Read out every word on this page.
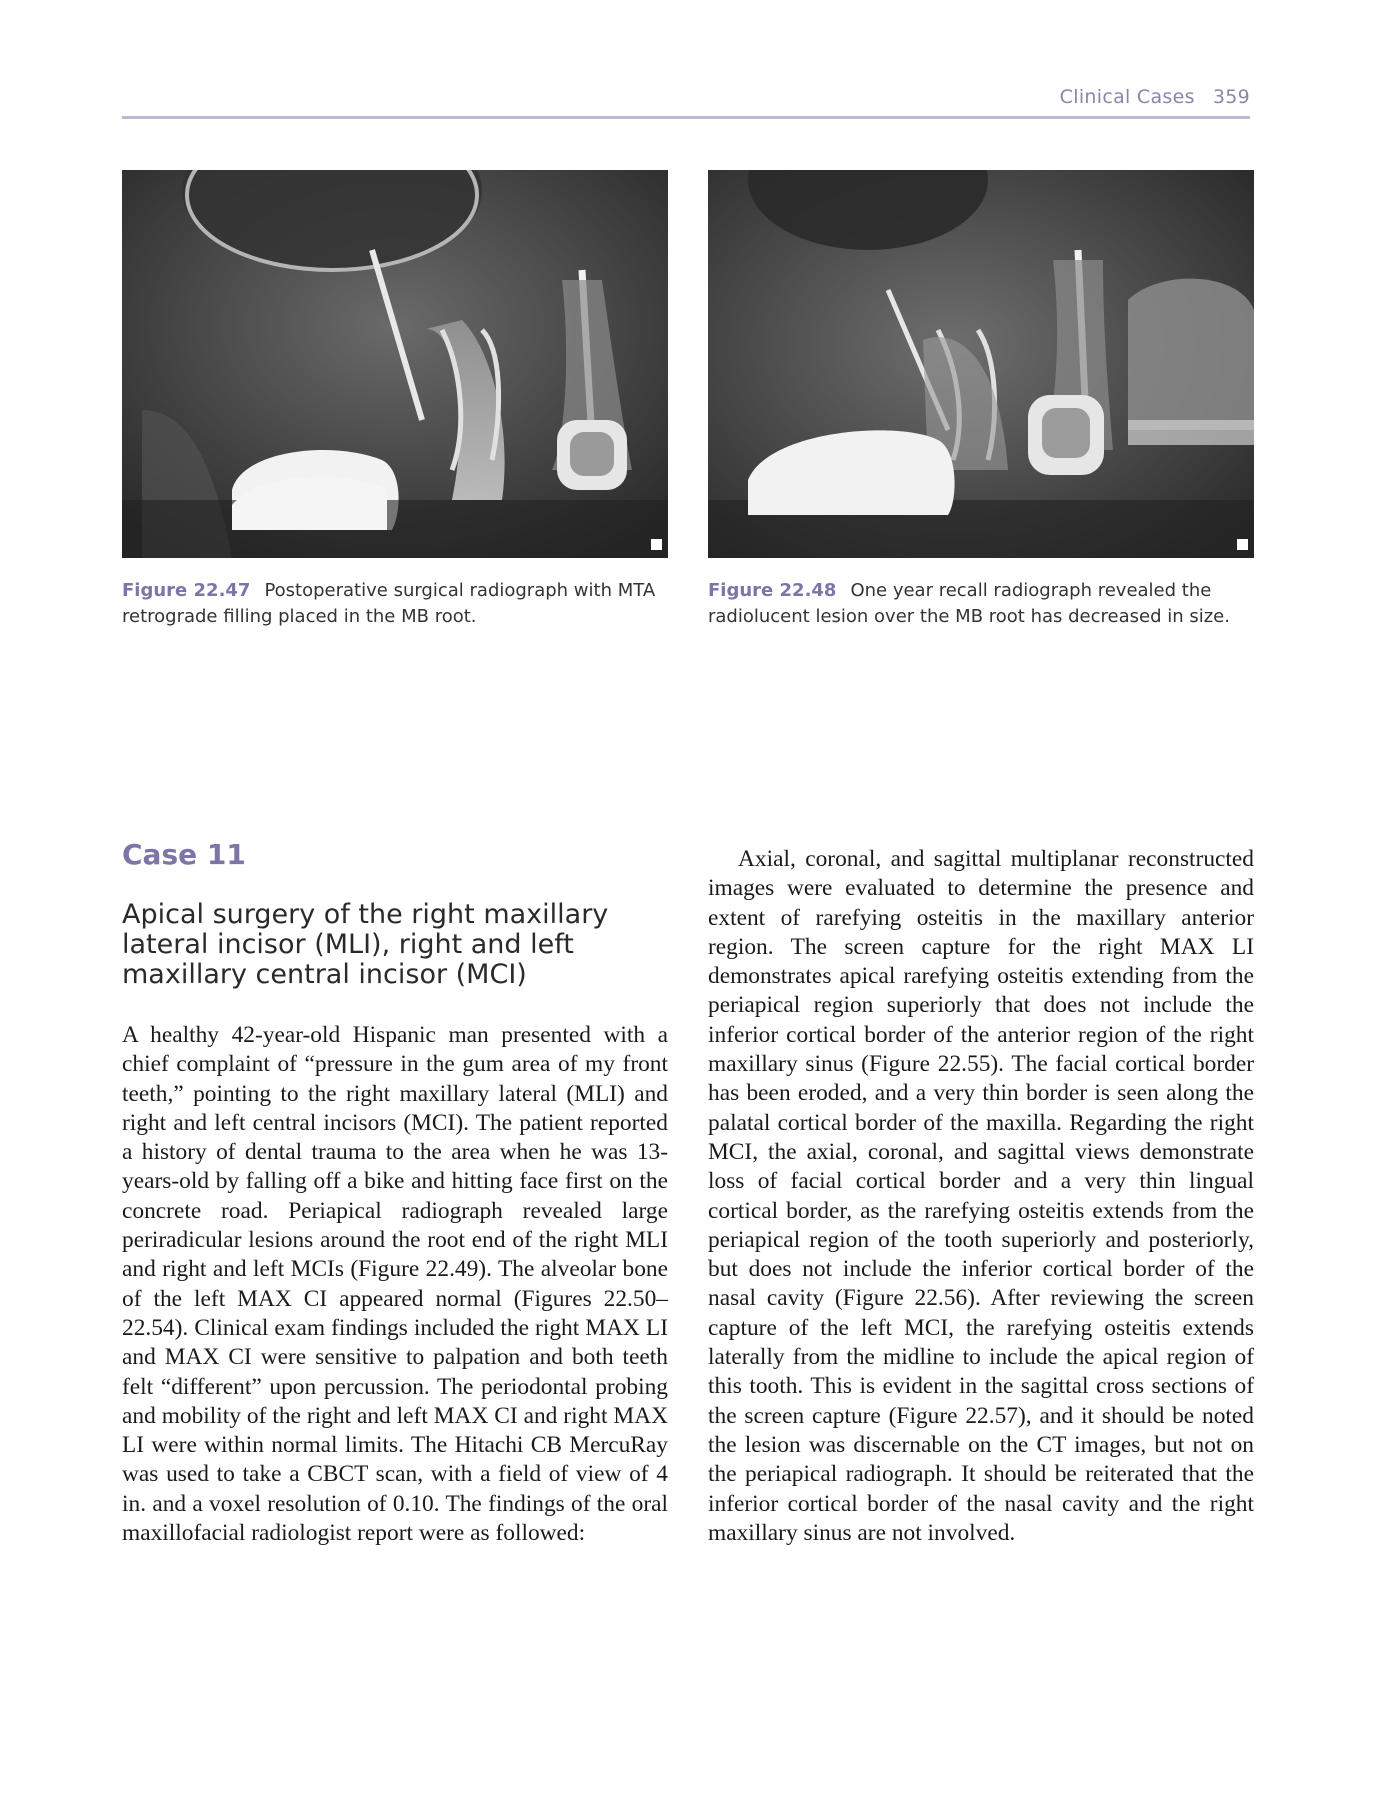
Clinical Cases 359
Figure 22.47 Postoperative surgical radiograph with MTA retrograde filling placed in the MB root.
Figure 22.48 One year recall radiograph revealed the radiolucent lesion over the MB root has decreased in size.
Case 11
Apical surgery of the right maxillary lateral incisor (MLI), right and left maxillary central incisor (MCI)

A healthy 42-year-old Hispanic man presented with a chief complaint of “pressure in the gum area of my front teeth,” pointing to the right maxillary lateral (MLI) and right and left central incisors (MCI). The patient reported a history of dental trauma to the area when he was 13-years-old by falling off a bike and hitting face first on the concrete road. Periapical radiograph revealed large periradicular lesions around the root end of the right MLI and right and left MCIs (Figure 22.49). The alveolar bone of the left MAX CI appeared normal (Figures 22.50–22.54). Clinical exam findings included the right MAX LI and MAX CI were sensitive to palpation and both teeth felt “different” upon percussion. The periodontal probing and mobility of the right and left MAX CI and right MAX LI were within normal limits. The Hitachi CB MercuRay was used to take a CBCT scan, with a field of view of 4 in. and a voxel resolution of 0.10. The findings of the oral maxillofacial radiologist report were as followed:

Axial, coronal, and sagittal multiplanar reconstructed images were evaluated to determine the presence and extent of rarefying osteitis in the maxillary anterior region. The screen capture for the right MAX LI demonstrates apical rarefying osteitis extending from the periapical region superiorly that does not include the inferior cortical border of the anterior region of the right maxillary sinus (Figure 22.55). The facial cortical border has been eroded, and a very thin border is seen along the palatal cortical border of the maxilla. Regarding the right MCI, the axial, coronal, and sagittal views demonstrate loss of facial cortical border and a very thin lingual cortical border, as the rarefying osteitis extends from the periapical region of the tooth superiorly and posteriorly, but does not include the inferior cortical border of the nasal cavity (Figure 22.56). After reviewing the screen capture of the left MCI, the rarefying osteitis extends laterally from the midline to include the apical region of this tooth. This is evident in the sagittal cross sections of the screen capture (Figure 22.57), and it should be noted the lesion was discernable on the CT images, but not on the periapical radiograph. It should be reiterated that the inferior cortical border of the nasal cavity and the right maxillary sinus are not involved.
